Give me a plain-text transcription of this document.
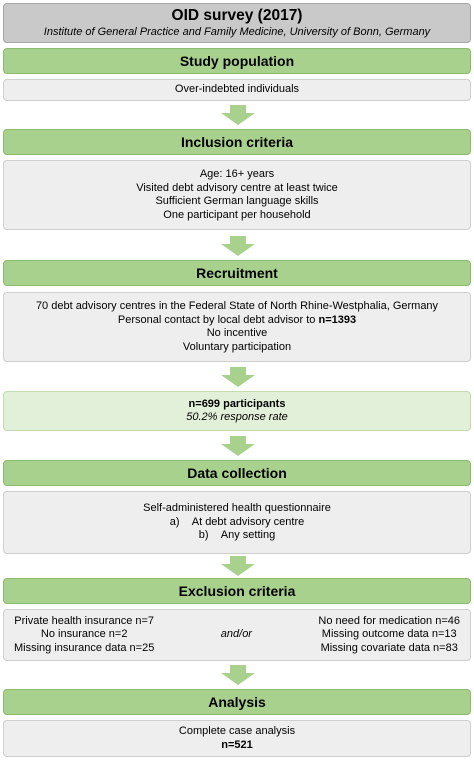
OID survey (2017)
Institute of General Practice and Family Medicine, University of Bonn, Germany
Study population
Over-indebted individuals
Inclusion criteria
Age: 16+ years
Visited debt advisory centre at least twice
Sufficient German language skills
One participant per household
Recruitment
70 debt advisory centres in the Federal State of North Rhine-Westphalia, Germany
Personal contact by local debt advisor to n=1393
No incentive
Voluntary participation
n=699 participants
50.2% response rate
Data collection
Self-administered health questionnaire
a)    At debt advisory centre
b)    Any setting
Exclusion criteria
Private health insurance n=7
No insurance n=2
Missing insurance data n=25
and/or
No need for medication n=46
Missing outcome data n=13
Missing covariate data n=83
Analysis
Complete case analysis
n=521
